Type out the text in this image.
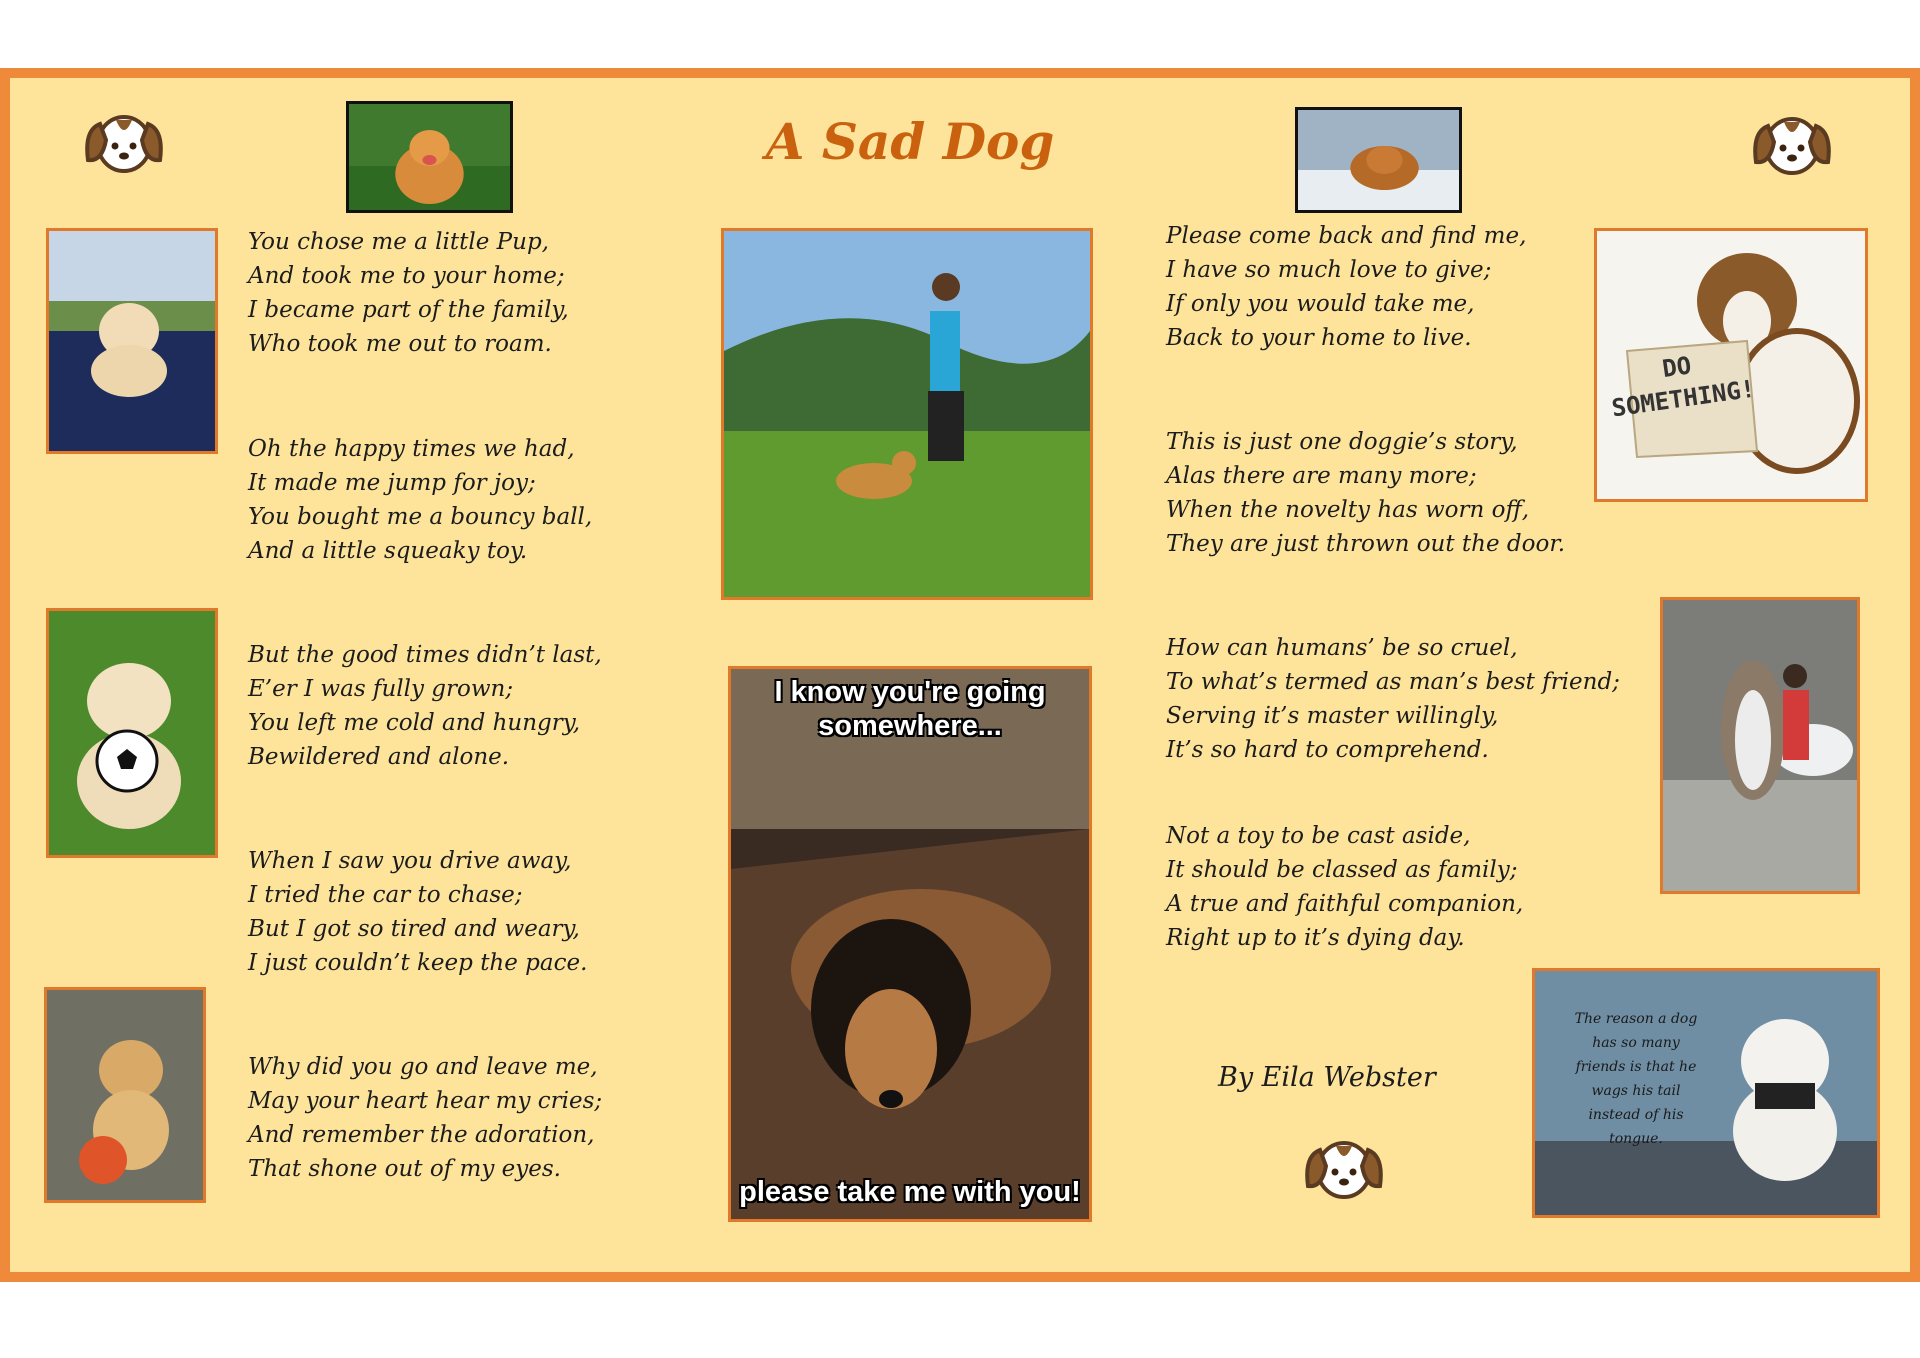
A Sad Dog
I know you're going somewhere...
please take me with you!
DO SOMETHING!
The reason a dog has so many friends is that he wags his tail instead of his tongue.
You chose me a little Pup,
And took me to your home;
I became part of the family,
Who took me out to roam.
Oh the happy times we had,
It made me jump for joy;
You bought me a bouncy ball,
And a little squeaky toy.
But the good times didn’t last,
E’er I was fully grown;
You left me cold and hungry,
Bewildered and alone.
When I saw you drive away,
I tried the car to chase;
But I got so tired and weary,
I just couldn’t keep the pace.
Why did you go and leave me,
May your heart hear my cries;
And remember the adoration,
That shone out of my eyes.
Please come back and find me,
I have so much love to give;
If only you would take me,
Back to your home to live.
This is just one doggie’s story,
Alas there are many more;
When the novelty has worn off,
They are just thrown out the door.
How can humans’ be so cruel,
To what’s termed as man’s best friend;
Serving it’s master willingly,
It’s so hard to comprehend.
Not a toy to be cast aside,
It should be classed as family;
A true and faithful companion,
Right up to it’s dying day.
By Eila Webster
